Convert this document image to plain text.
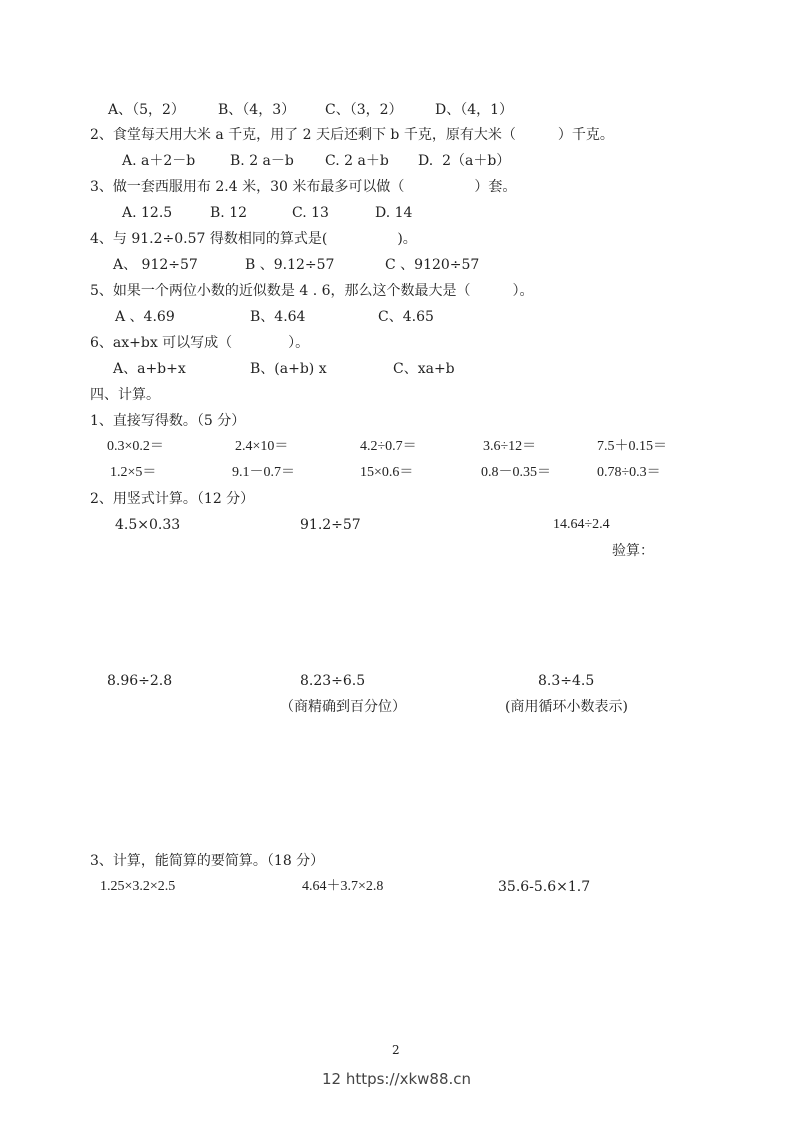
A、（5，2） B、（4，3） C、（3，2） D、（4，1）
2、食堂每天用大米 a 千克，用了 2 天后还剩下 b 千克，原有大米（　　　）千克。
A. a＋2－b B. 2 a－b C. 2 a＋b D.  2（a＋b）
3、做一套西服用布 2.4 米，30 米布最多可以做（　　　　　）套。
A. 12.5	B. 12	C. 13	D. 14
4、与 91.2÷0.57 得数相同的算式是(　　　　　)。
A、 912÷57	B 、9.12÷57	C 、9120÷57
5、如果一个两位小数的近似数是 4 . 6，那么这个数最大是（　　　）。
A 、4.69	B、4.64	C、4.65
6、ax+bx 可以写成（　　　　）。
A、a+b+x	B、(a+b) x	C、xa+b
四、计算。
1、直接写得数。（5 分）
0.3×0.2＝	2.4×10＝	4.2÷0.7＝	3.6÷12＝	7.5＋0.15＝
1.2×5＝	9.1－0.7＝	15×0.6＝	0.8－0.35＝	0.78÷0.3＝
2、用竖式计算。（12 分）
4.5×0.33	91.2÷57	14.64÷2.4
验算：
8.96÷2.8	8.23÷6.5	8.3÷4.5
（商精确到百分位）	(商用循环小数表示)
3、计算，能简算的要简算。（18 分）
1.25×3.2×2.5	4.64＋3.7×2.8	35.6-5.6×1.7
2
12 https://xkw88.cn
